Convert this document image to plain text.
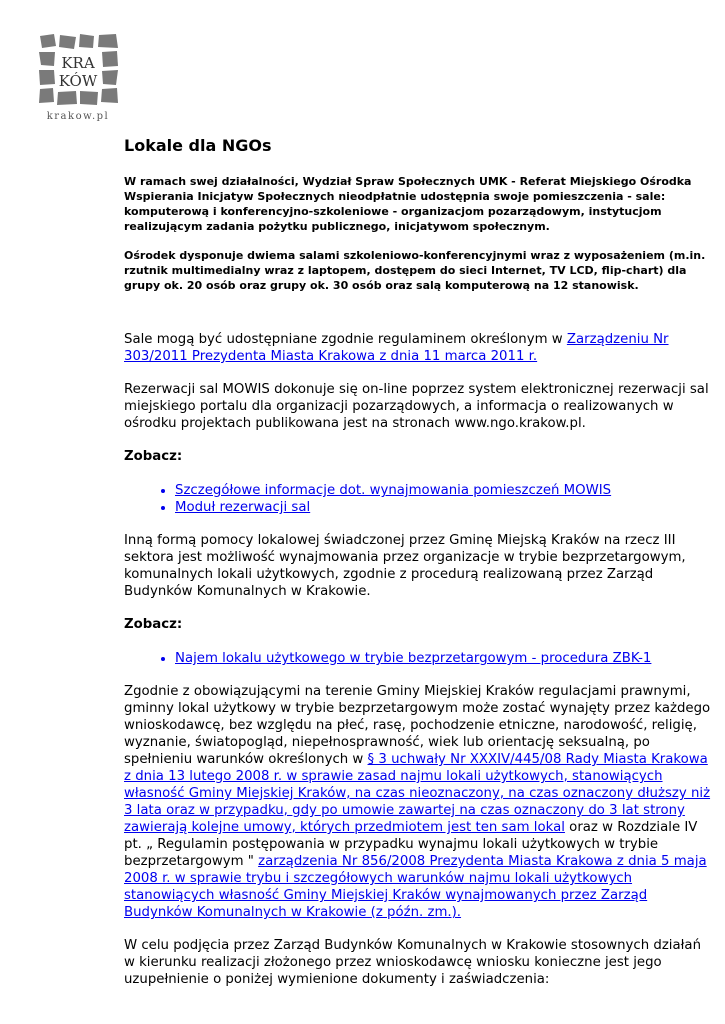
KRA
KÓW
krakow.pl
Lokale dla NGOs
W ramach swej działalności, Wydział Spraw Społecznych UMK - Referat Miejskiego Ośrodka Wspierania Inicjatyw Społecznych nieodpłatnie udostępnia swoje pomieszczenia - sale: komputerową i konferencyjno-szkoleniowe - organizacjom pozarządowym, instytucjom realizującym zadania pożytku publicznego, inicjatywom społecznym.
Ośrodek dysponuje dwiema salami szkoleniowo-konferencyjnymi wraz z wyposażeniem (m.in. rzutnik multimedialny wraz z laptopem, dostępem do sieci Internet, TV LCD, flip-chart) dla grupy ok. 20 osób oraz grupy ok. 30 osób oraz salą komputerową na 12 stanowisk.

Sale mogą być udostępniane zgodnie regulaminem określonym w Zarządzeniu Nr 303/2011 Prezydenta Miasta Krakowa z dnia 11 marca 2011 r.

Rezerwacji sal MOWIS dokonuje się on-line poprzez system elektronicznej rezerwacji sal miejskiego portalu dla organizacji pozarządowych, a informacja o realizowanych w ośrodku projektach publikowana jest na stronach www.ngo.krakow.pl.

Zobacz:
• Szczegółowe informacje dot. wynajmowania pomieszczeń MOWIS
• Moduł rezerwacji sal

Inną formą pomocy lokalowej świadczonej przez Gminę Miejską Kraków na rzecz III sektora jest możliwość wynajmowania przez organizacje w trybie bezprzetargowym, komunalnych lokali użytkowych, zgodnie z procedurą realizowaną przez Zarząd Budynków Komunalnych w Krakowie.

Zobacz:
• Najem lokalu użytkowego w trybie bezprzetargowym - procedura ZBK-1

Zgodnie z obowiązującymi na terenie Gminy Miejskiej Kraków regulacjami prawnymi, gminny lokal użytkowy w trybie bezprzetargowym może zostać wynajęty przez każdego wnioskodawcę, bez względu na płeć, rasę, pochodzenie etniczne, narodowość, religię, wyznanie, światopogląd, niepełnosprawność, wiek lub orientację seksualną, po spełnieniu warunków określonych w § 3 uchwały Nr XXXIV/445/08 Rady Miasta Krakowa z dnia 13 lutego 2008 r. w sprawie zasad najmu lokali użytkowych, stanowiących własność Gminy Miejskiej Kraków, na czas nieoznaczony, na czas oznaczony dłuższy niż 3 lata oraz w przypadku, gdy po umowie zawartej na czas oznaczony do 3 lat strony zawierają kolejne umowy, których przedmiotem jest ten sam lokal oraz w Rozdziale IV pt. „ Regulamin postępowania w przypadku wynajmu lokali użytkowych w trybie bezprzetargowym " zarządzenia Nr 856/2008 Prezydenta Miasta Krakowa z dnia 5 maja 2008 r. w sprawie trybu i szczegółowych warunków najmu lokali użytkowych stanowiących własność Gminy Miejskiej Kraków wynajmowanych przez Zarząd Budynków Komunalnych w Krakowie (z późn. zm.).

W celu podjęcia przez Zarząd Budynków Komunalnych w Krakowie stosownych działań w kierunku realizacji złożonego przez wnioskodawcę wniosku konieczne jest jego uzupełnienie o poniżej wymienione dokumenty i zaświadczenia:
